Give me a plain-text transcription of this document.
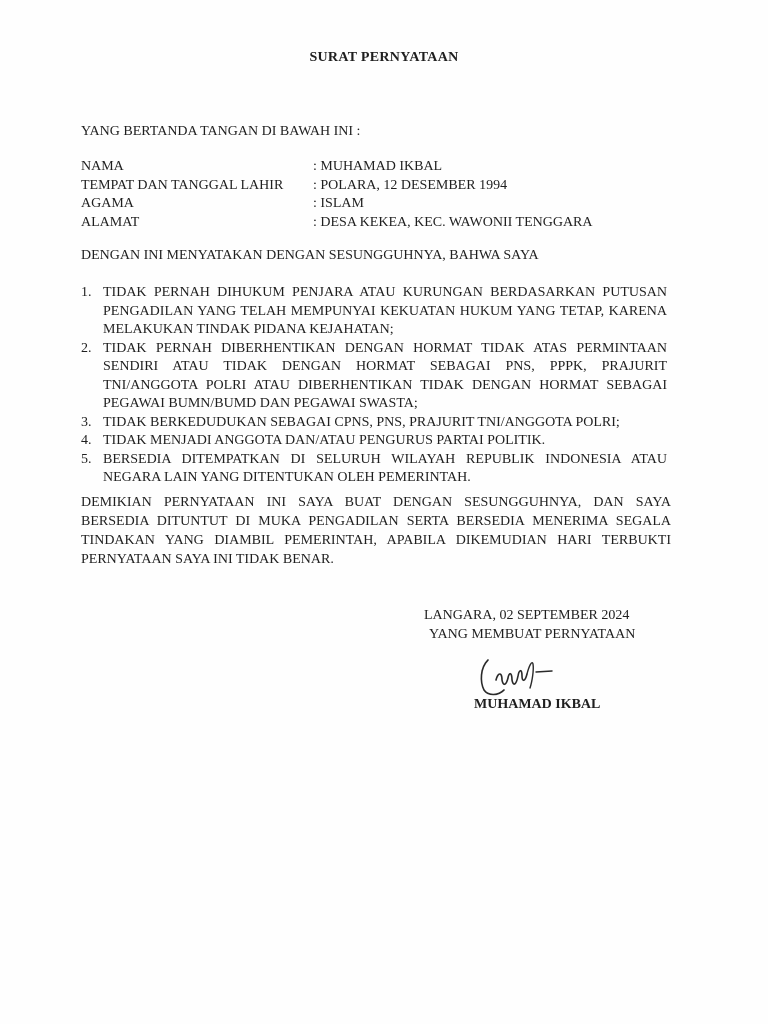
SURAT PERNYATAAN
YANG BERTANDA TANGAN DI BAWAH INI :
NAMA	: MUHAMAD IKBAL
TEMPAT DAN TANGGAL LAHIR : POLARA, 12 DESEMBER 1994
AGAMA	: ISLAM
ALAMAT	: DESA KEKEA, KEC. WAWONII TENGGARA
DENGAN INI MENYATAKAN DENGAN SESUNGGUHNYA, BAHWA SAYA
1. TIDAK PERNAH DIHUKUM PENJARA ATAU KURUNGAN BERDASARKAN PUTUSAN PENGADILAN YANG TELAH MEMPUNYAI KEKUATAN HUKUM YANG TETAP, KARENA MELAKUKAN TINDAK PIDANA KEJAHATAN;
2. TIDAK PERNAH DIBERHENTIKAN DENGAN HORMAT TIDAK ATAS PERMINTAAN SENDIRI ATAU TIDAK DENGAN HORMAT SEBAGAI PNS, PPPK, PRAJURIT TNI/ANGGOTA POLRI ATAU DIBERHENTIKAN TIDAK DENGAN HORMAT SEBAGAI PEGAWAI BUMN/BUMD DAN PEGAWAI SWASTA;
3. TIDAK BERKEDUDUKAN SEBAGAI CPNS, PNS, PRAJURIT TNI/ANGGOTA POLRI;
4. TIDAK MENJADI ANGGOTA DAN/ATAU PENGURUS PARTAI POLITIK.
5. BERSEDIA DITEMPATKAN DI SELURUH WILAYAH REPUBLIK INDONESIA ATAU NEGARA LAIN YANG DITENTUKAN OLEH PEMERINTAH.
DEMIKIAN PERNYATAAN INI SAYA BUAT DENGAN SESUNGGUHNYA, DAN SAYA BERSEDIA DITUNTUT DI MUKA PENGADILAN SERTA BERSEDIA MENERIMA SEGALA TINDAKAN YANG DIAMBIL PEMERINTAH, APABILA DIKEMUDIAN HARI TERBUKTI PERNYATAAN SAYA INI TIDAK BENAR.
LANGARA, 02 SEPTEMBER 2024
YANG MEMBUAT PERNYATAAN
MUHAMAD IKBAL
